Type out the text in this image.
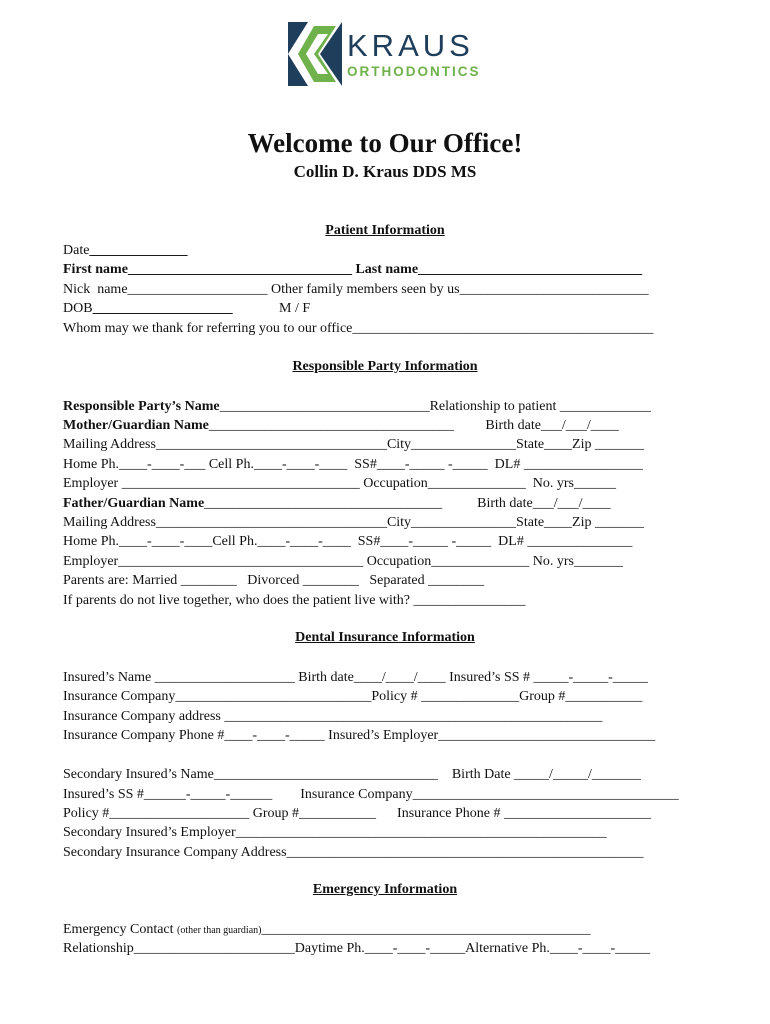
KRAUS
ORTHODONTICS
Welcome to Our Office!
Collin D. Kraus DDS MS
Patient Information
Date______________
First name________________________________ Last name________________________________
Nick  name____________________ Other family members seen by us___________________________
DOB____________________	M / F
Whom may we thank for referring you to our office___________________________________________
Responsible Party Information
Responsible Party’s Name______________________________Relationship to patient _____________
Mother/Guardian Name___________________________________         Birth date___/___/____
Mailing Address_________________________________City_______________State____Zip _______
Home Ph.____-____-___ Cell Ph.____-____-____  SS#____-_____ -_____  DL# _________________
Employer __________________________________ Occupation______________  No. yrs______
Father/Guardian Name__________________________________          Birth date___/___/____
Mailing Address_________________________________City_______________State____Zip _______
Home Ph.____-____-____Cell Ph.____-____-____  SS#____-_____ -_____  DL# _______________
Employer___________________________________ Occupation______________ No. yrs_______
Parents are: Married ________   Divorced ________   Separated ________
If parents do not live together, who does the patient live with? ________________
Dental Insurance Information
Insured’s Name ____________________ Birth date____/____/____ Insured’s SS # _____-_____-_____
Insurance Company____________________________Policy # ______________Group #___________
Insurance Company address ______________________________________________________
Insurance Company Phone #____-____-_____ Insured’s Employer_______________________________
Secondary Insured’s Name________________________________    Birth Date _____/_____/_______
Insured’s SS #______-_____-______        Insurance Company______________________________________
Policy #____________________ Group #___________      Insurance Phone # _____________________
Secondary Insured’s Employer_____________________________________________________
Secondary Insurance Company Address___________________________________________________
Emergency Information
Emergency Contact (other than guardian)_______________________________________________
Relationship_______________________Daytime Ph.____-____-_____Alternative Ph.____-____-_____
